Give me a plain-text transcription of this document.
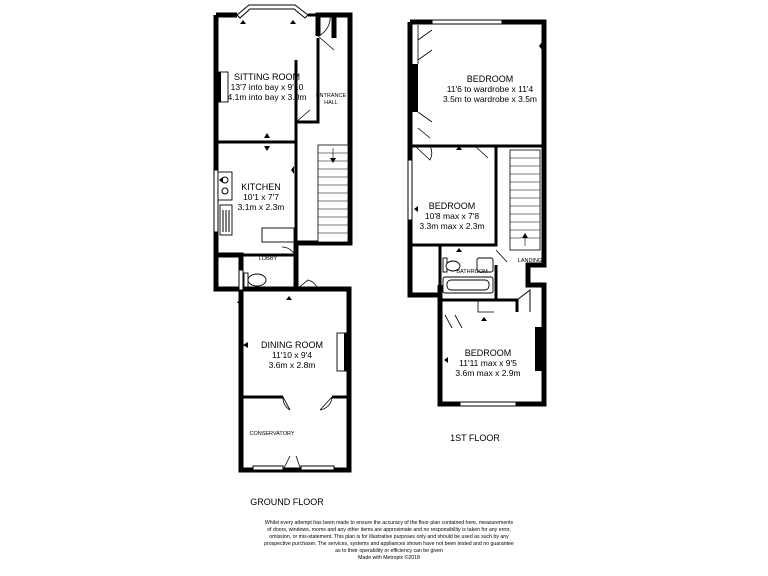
SITTING ROOM
13'7 into bay x 9'10
4.1m into bay x 3.0m ENTRANCE
HALL
KITCHEN
10'1 x 7'7
3.1m x 2.3m
LOBBY
DINING ROOM
11'10 x 9'4
3.6m x 2.8m
CONSERVATORY
BEDROOM
11'6 to wardrobe x 11'4
3.5m to wardrobe x 3.5m
BEDROOM
10'8 max x 7'8
3.3m max x 2.3m
BATHROOM
LANDING
BEDROOM
11'11 max x 9'5
3.6m max x 2.9m
GROUND FLOOR
1ST FLOOR
Whilst every attempt has been made to ensure the accuracy of the floor plan contained here, measurements
of doors, windows, rooms and any other items are approximate and no responsibility is taken for any error,
omission, or mis-statement. This plan is for illustrative purposes only and should be used as such by any
prospective purchaser. The services, systems and appliances shown have not been tested and no guarantee
as to their operability or efficiency can be given
Made with Metropix ©2018
